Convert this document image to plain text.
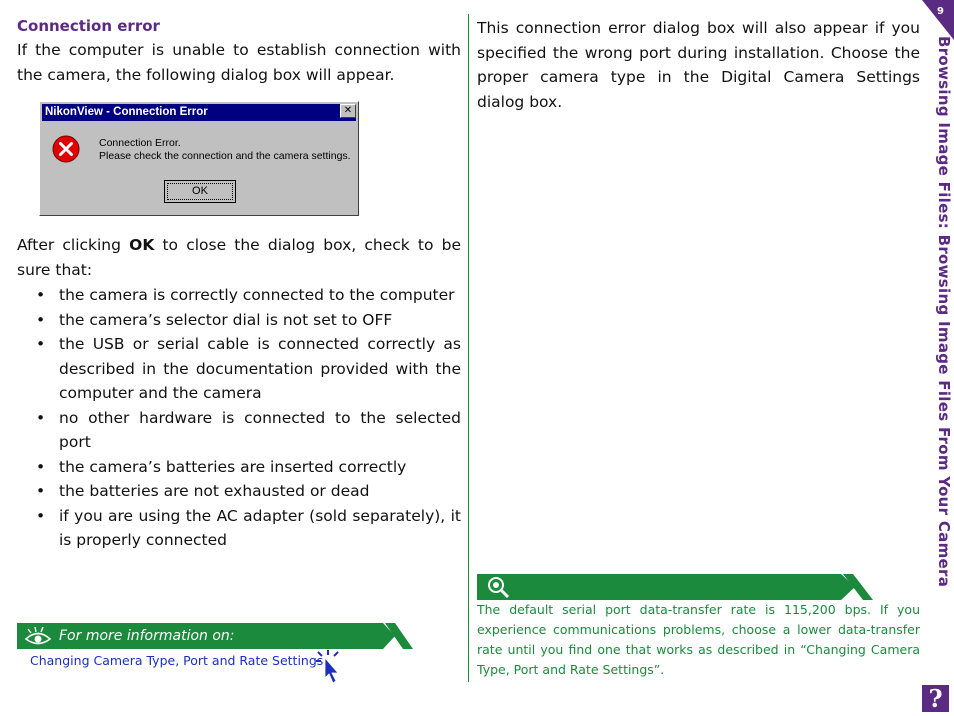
9
Browsing Image Files: Browsing Image Files From Your Camera
Connection error
If the computer is unable to establish connection with the camera, the following dialog box will appear.
NikonView - Connection Error	✕
Connection Error.
Please check the connection and the camera settings.
OK
After clicking OK to close the dialog box, check to be sure that:
• the camera is correctly connected to the computer
• the camera’s selector dial is not set to OFF
• the USB or serial cable is connected correctly as described in the documentation provided with the computer and the camera
• no other hardware is connected to the selected port
• the camera’s batteries are inserted correctly
• the batteries are not exhausted or dead
• if you are using the AC adapter (sold separately), it is properly connected
For more information on:
Changing Camera Type, Port and Rate Settings
This connection error dialog box will also appear if you specified the wrong port during installation. Choose the proper camera type in the Digital Camera Settings dialog box.
The default serial port data-transfer rate is 115,200 bps. If you experience communications problems, choose a lower data-transfer rate until you find one that works as described in “Changing Camera Type, Port and Rate Settings”.
?
